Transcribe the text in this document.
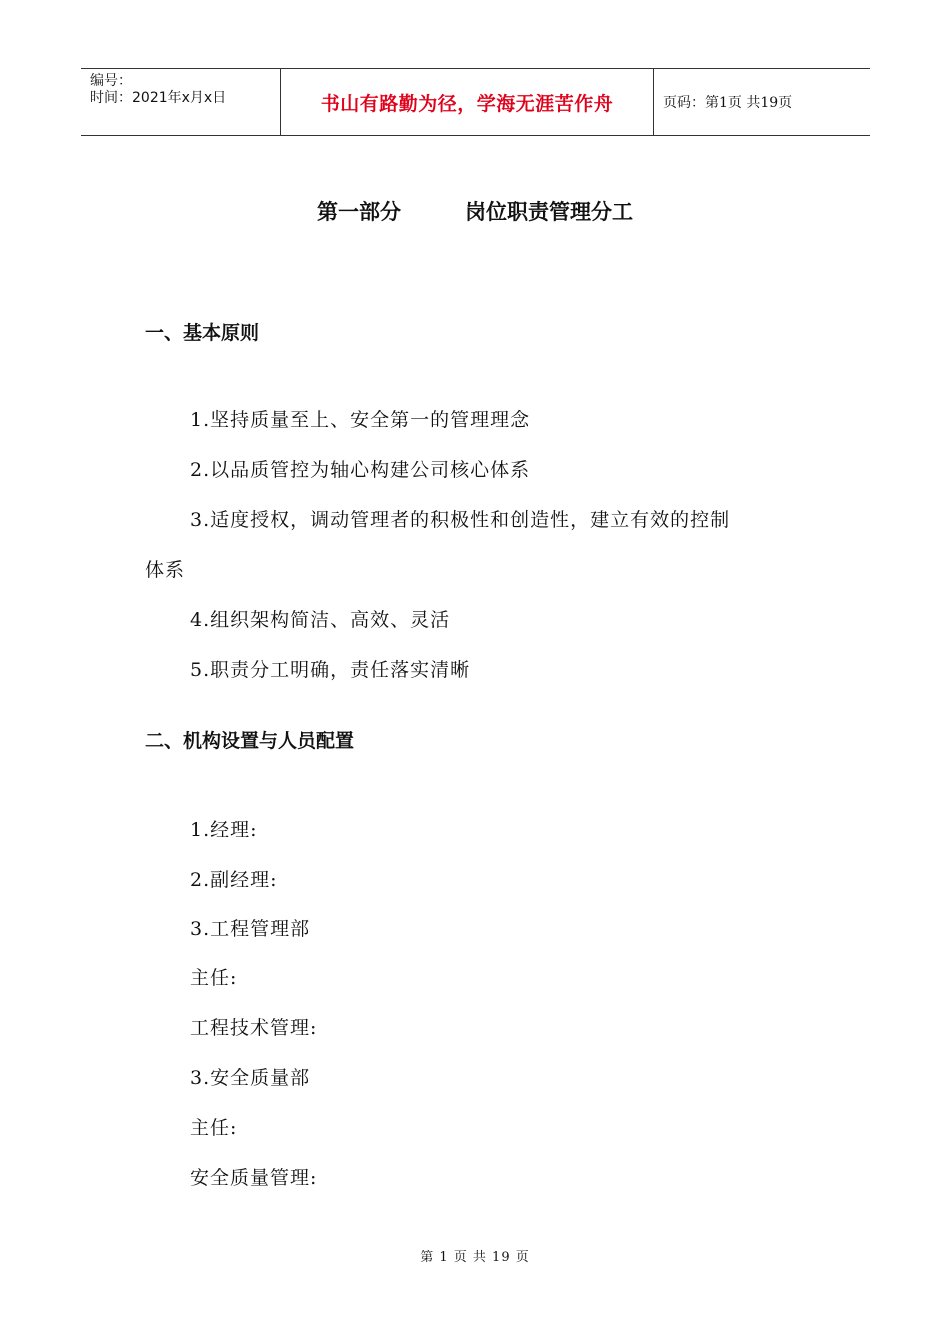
编号：
时间：2021年x月x日	书山有路勤为径，学海无涯苦作舟	页码：第1页 共19页
第一部分	岗位职责管理分工
一、基本原则
1.坚持质量至上、安全第一的管理理念
2.以品质管控为轴心构建公司核心体系
3.适度授权，调动管理者的积极性和创造性，建立有效的控制
体系
4.组织架构简洁、高效、灵活
5.职责分工明确，责任落实清晰
二、机构设置与人员配置
1.经理:
2.副经理:
3.工程管理部
主任:
工程技术管理:
3.安全质量部
主任:
安全质量管理:
第 1 页 共 19 页
